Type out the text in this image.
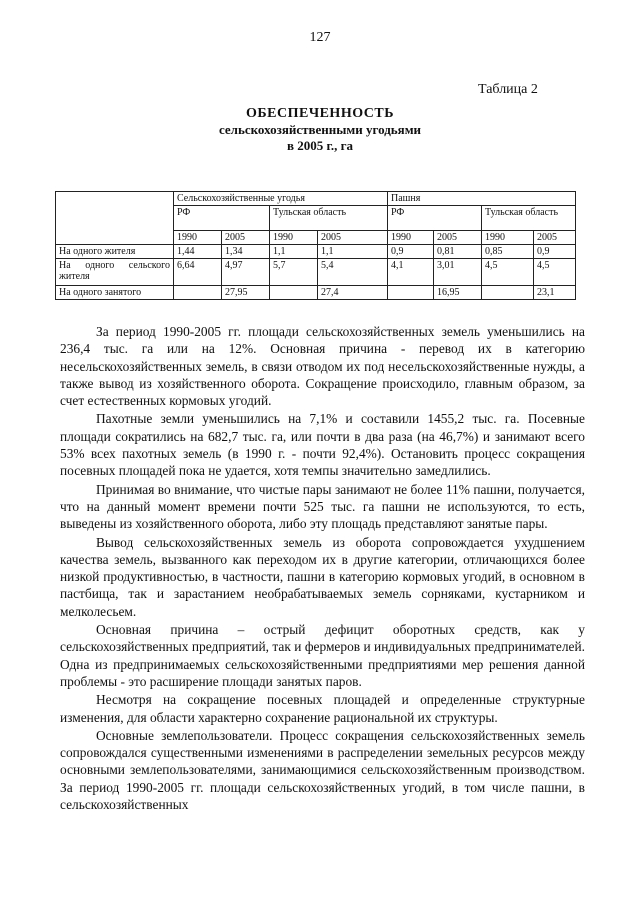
127
Таблица 2
ОБЕСПЕЧЕННОСТЬ
сельскохозяйственными угодьями
в 2005 г., га
	Сельскохозяйственные угодья				Пашня			
	РФ		Тульская область		РФ		Тульская область	
	1990	2005	1990	2005	1990	2005	1990	2005
На одного жителя	1,44	1,34	1,1	1,1	0,9	0,81	0,85	0,9
На одного сельского жителя	6,64	4,97	5,7	5,4	4,1	3,01	4,5	4,5
На одного занятого		27,95		27,4		16,95		23,1

За период 1990-2005 гг. площади сельскохозяйственных земель уменьшились на 236,4 тыс. га или на 12%. Основная причина - перевод их в категорию несельскохозяйственных земель, в связи отводом их под несельскохозяйственные нужды, а также вывод из хозяйственного оборота. Сокращение происходило, главным образом, за счет естественных кормовых угодий.

Пахотные земли уменьшились на 7,1% и составили 1455,2 тыс. га. Посевные площади сократились на 682,7 тыс. га, или почти в два раза (на 46,7%) и занимают всего 53% всех пахотных земель (в 1990 г. - почти 92,4%). Остановить процесс сокращения посевных площадей пока не удается, хотя темпы значительно замедлились.

Принимая во внимание, что чистые пары занимают не более 11% пашни, получается, что на данный момент времени почти 525 тыс. га пашни не используются, то есть, выведены из хозяйственного оборота, либо эту площадь представляют занятые пары.

Вывод сельскохозяйственных земель из оборота сопровождается ухудшением качества земель, вызванного как переходом их в другие категории, отличающихся более низкой продуктивностью, в частности, пашни в категорию кормовых угодий, в основном в пастбища, так и зарастанием необрабатываемых земель сорняками, кустарником и мелколесьем.

Основная причина – острый дефицит оборотных средств, как у сельскохозяйственных предприятий, так и фермеров и индивидуальных предпринимателей. Одна из предпринимаемых сельскохозяйственными предприятиями мер решения данной проблемы - это расширение площади занятых паров.

Несмотря на сокращение посевных площадей и определенные структурные изменения, для области характерно сохранение рациональной их структуры.

Основные землепользователи. Процесс сокращения сельскохозяйственных земель сопровождался существенными изменениями в распределении земельных ресурсов между основными землепользователями, занимающимися сельскохозяйственным производством. За период 1990-2005 гг. площади сельскохозяйственных угодий, в том числе пашни, в сельскохозяйственных
